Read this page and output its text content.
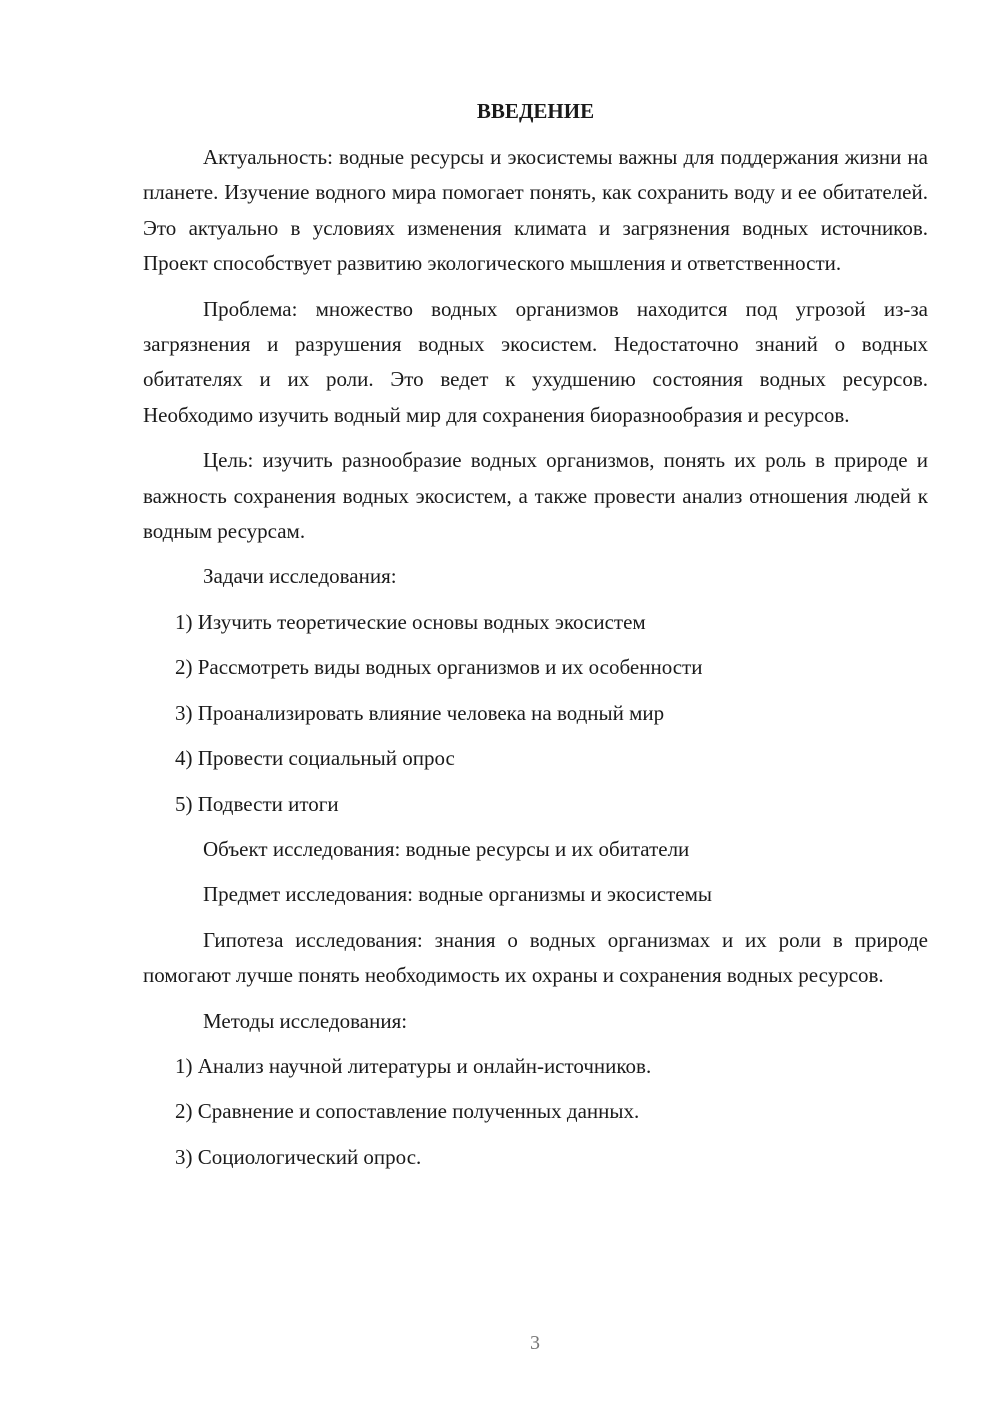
ВВЕДЕНИЕ

Актуальность: водные ресурсы и экосистемы важны для поддержания жизни на планете. Изучение водного мира помогает понять, как сохранить воду и ее обитателей. Это актуально в условиях изменения климата и загрязнения водных источников. Проект способствует развитию экологического мышления и ответственности.

Проблема: множество водных организмов находится под угрозой из-за загрязнения и разрушения водных экосистем. Недостаточно знаний о водных обитателях и их роли. Это ведет к ухудшению состояния водных ресурсов. Необходимо изучить водный мир для сохранения биоразнообразия и ресурсов.

Цель: изучить разнообразие водных организмов, понять их роль в природе и важность сохранения водных экосистем, а также провести анализ отношения людей к водным ресурсам.

Задачи исследования:
1) Изучить теоретические основы водных экосистем
2) Рассмотреть виды водных организмов и их особенности
3) Проанализировать влияние человека на водный мир
4) Провести социальный опрос
5) Подвести итоги
Объект исследования: водные ресурсы и их обитатели
Предмет исследования: водные организмы и экосистемы

Гипотеза исследования: знания о водных организмах и их роли в природе помогают лучше понять необходимость их охраны и сохранения водных ресурсов.

Методы исследования:
1) Анализ научной литературы и онлайн-источников.
2) Сравнение и сопоставление полученных данных.
3) Социологический опрос.
3
